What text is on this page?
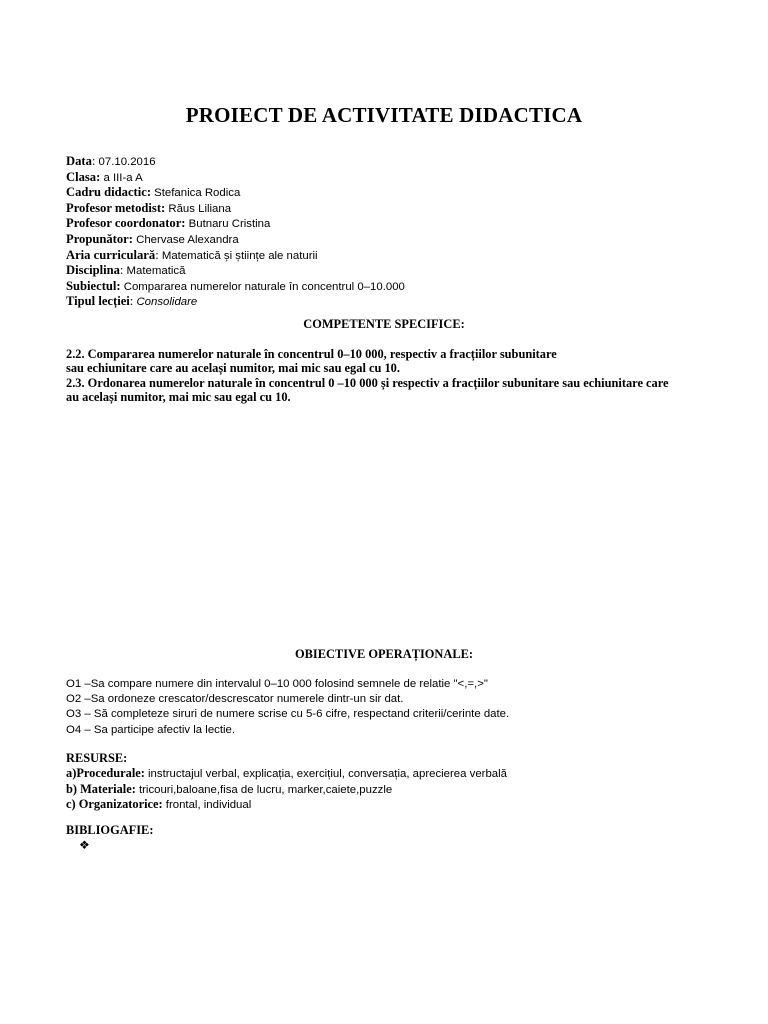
PROIECT DE ACTIVITATE DIDACTICA
Data: 07.10.2016
Clasa: a III-a A
Cadru didactic: Stefanica Rodica
Profesor metodist: Răus Liliana
Profesor coordonator: Butnaru Cristina
Propunător: Chervase Alexandra
Aria curriculară: Matematică și științe ale naturii
Disciplina: Matematică
Subiectul: Compararea numerelor naturale în concentrul 0–10.000
Tipul lecției: Consolidare
COMPETENTE SPECIFICE:
2.2. Compararea numerelor naturale în concentrul 0–10 000, respectiv a fracțiilor subunitare
sau echiunitare care au același numitor, mai mic sau egal cu 10.
2.3. Ordonarea numerelor naturale în concentrul 0 –10 000 și respectiv a fracțiilor subunitare sau echiunitare care
au același numitor, mai mic sau egal cu 10.
OBIECTIVE OPERAȚIONALE:
O1 –Sa compare numere din intervalul 0–10 000 folosind semnele de relatie "<,=,>"
O2 –Sa ordoneze crescator/descrescator numerele dintr-un sir dat.
O3 – Să completeze siruri de numere scrise cu 5-6 cifre, respectand criterii/cerinte date.
O4 – Sa participe afectiv la lectie.
RESURSE:
a)Procedurale: instructajul verbal, explicația, exercițiul, conversația, aprecierea verbală
b) Materiale: tricouri,baloane,fisa de lucru, marker,caiete,puzzle
c) Organizatorice: frontal, individual
BIBLIOGAFIE:
❖
